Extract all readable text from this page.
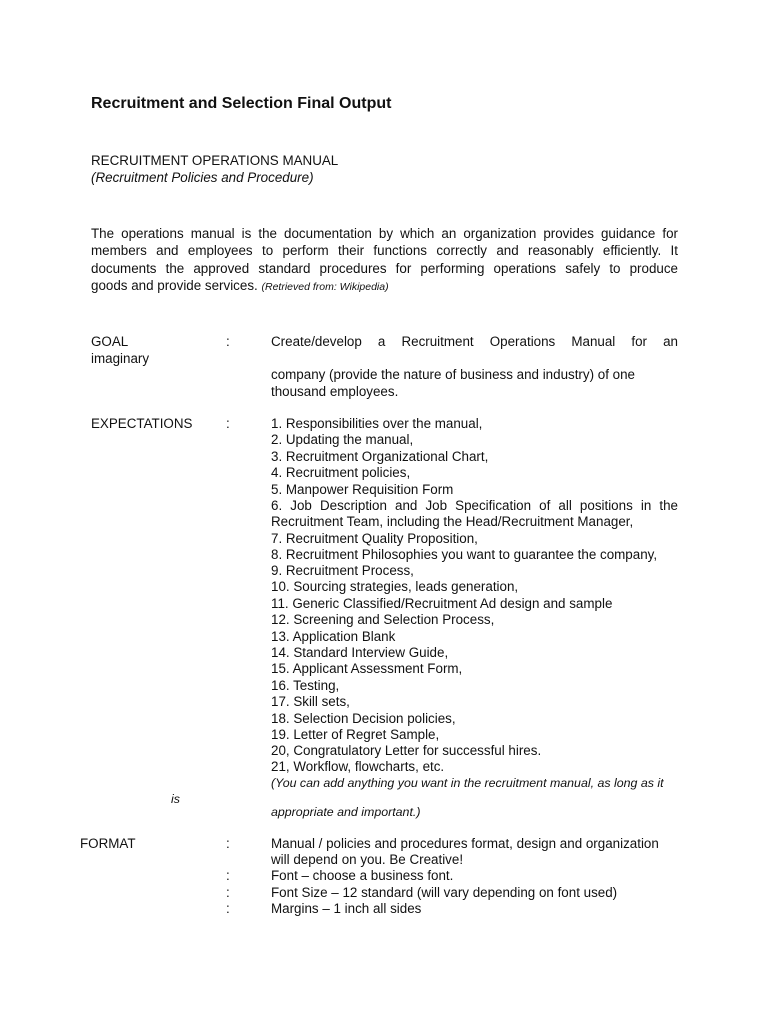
Recruitment and Selection Final Output
RECRUITMENT OPERATIONS MANUAL
(Recruitment Policies and Procedure)
The operations manual is the documentation by which an organization provides guidance for
members and employees to perform their functions correctly and reasonably efficiently. It
documents the approved standard procedures for performing operations safely to produce
goods and provide services. (Retrieved from: Wikipedia)
GOAL	:	Create/develop a Recruitment Operations Manual for an
imaginary
company (provide the nature of business and industry) of one
thousand employees.
EXPECTATIONS	:	1. Responsibilities over the manual,
2. Updating the manual,
3. Recruitment Organizational Chart,
4. Recruitment policies,
5. Manpower Requisition Form
6. Job Description and Job Specification of all positions in the
Recruitment Team, including the Head/Recruitment Manager,
7. Recruitment Quality Proposition,
8. Recruitment Philosophies you want to guarantee the company,
9. Recruitment Process,
10. Sourcing strategies, leads generation,
11. Generic Classified/Recruitment Ad design and sample
12. Screening and Selection Process,
13. Application Blank
14. Standard Interview Guide,
15. Applicant Assessment Form,
16. Testing,
17. Skill sets,
18. Selection Decision policies,
19. Letter of Regret Sample,
20, Congratulatory Letter for successful hires.
21, Workflow, flowcharts, etc.
(You can add anything you want in the recruitment manual, as long as it
is
appropriate and important.)
FORMAT	:	Manual / policies and procedures format, design and organization
will depend on you. Be Creative!
:	Font – choose a business font.
:	Font Size – 12 standard (will vary depending on font used)
:	Margins – 1 inch all sides
